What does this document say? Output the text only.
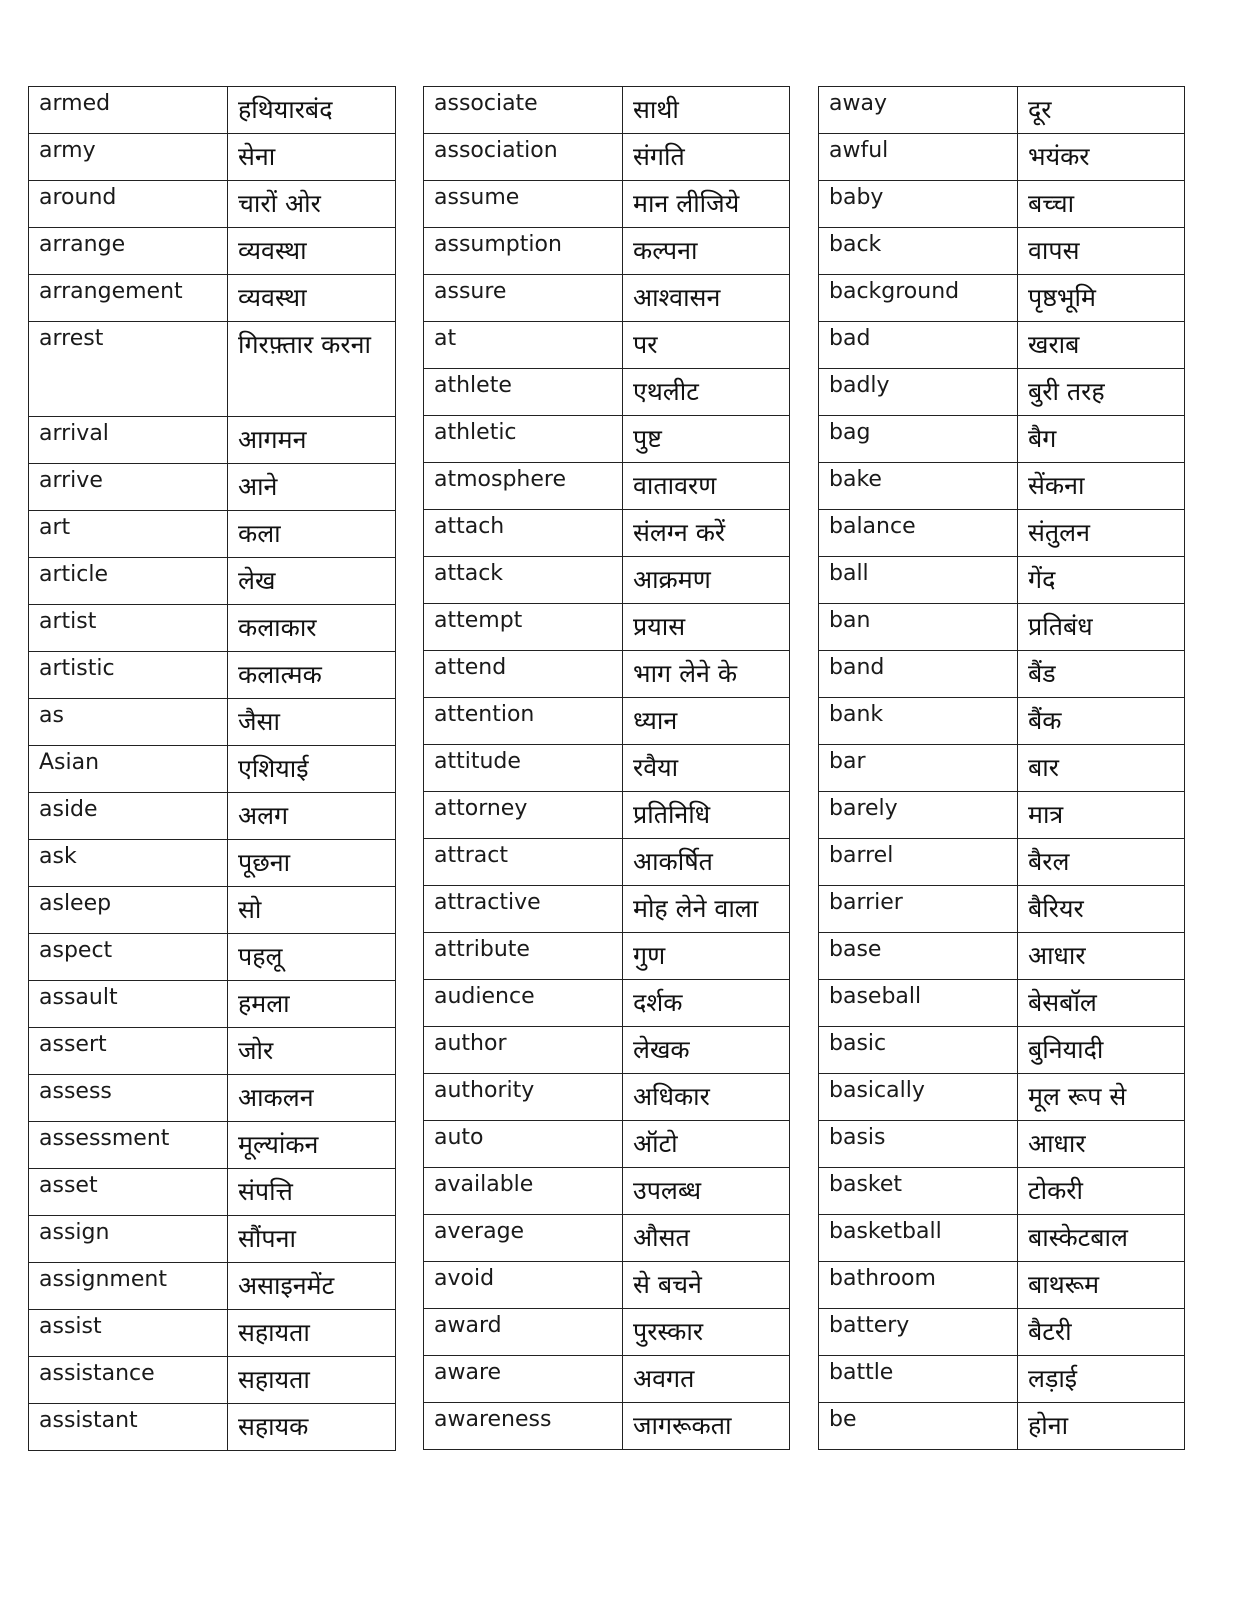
armed	हथियारबंद
army	सेना
around	चारों ओर
arrange	व्यवस्था
arrangement	व्यवस्था
arrest	गिरफ़्तार करना
arrival	आगमन
arrive	आने
art	कला
article	लेख
artist	कलाकार
artistic	कलात्मक
as	जैसा
Asian	एशियाई
aside	अलग
ask	पूछना
asleep	सो
aspect	पहलू
assault	हमला
assert	जोर
assess	आकलन
assessment	मूल्यांकन
asset	संपत्ति
assign	सौंपना
assignment	असाइनमेंट
assist	सहायता
assistance	सहायता
assistant	सहायक
associate	साथी
association	संगति
assume	मान लीजिये
assumption	कल्पना
assure	आश्वासन
at	पर
athlete	एथलीट
athletic	पुष्ट
atmosphere	वातावरण
attach	संलग्न करें
attack	आक्रमण
attempt	प्रयास
attend	भाग लेने के
attention	ध्यान
attitude	रवैया
attorney	प्रतिनिधि
attract	आकर्षित
attractive	मोह लेने वाला
attribute	गुण
audience	दर्शक
author	लेखक
authority	अधिकार
auto	ऑटो
available	उपलब्ध
average	औसत
avoid	से बचने
award	पुरस्कार
aware	अवगत
awareness	जागरूकता
away	दूर
awful	भयंकर
baby	बच्चा
back	वापस
background	पृष्ठभूमि
bad	खराब
badly	बुरी तरह
bag	बैग
bake	सेंकना
balance	संतुलन
ball	गेंद
ban	प्रतिबंध
band	बैंड
bank	बैंक
bar	बार
barely	मात्र
barrel	बैरल
barrier	बैरियर
base	आधार
baseball	बेसबॉल
basic	बुनियादी
basically	मूल रूप से
basis	आधार
basket	टोकरी
basketball	बास्केटबाल
bathroom	बाथरूम
battery	बैटरी
battle	लड़ाई
be	होना
